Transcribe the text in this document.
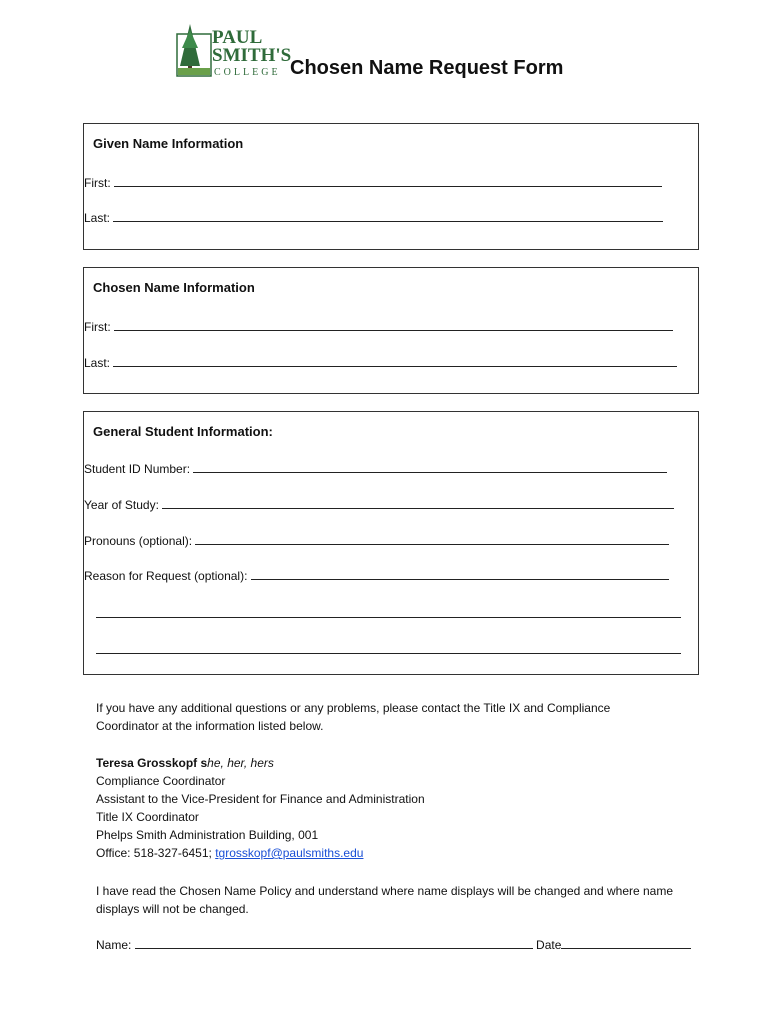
PAUL
SMITH'S
COLLEGE Chosen Name Request Form
Given Name Information
First:
Last:
Chosen Name Information
First:
Last:
General Student Information:
Student ID Number:
Year of Study:
Pronouns (optional):
Reason for Request (optional):
If you have any additional questions or any problems, please contact the Title IX and Compliance Coordinator at the information listed below.
Teresa Grosskopf she, her, hers
Compliance Coordinator
Assistant to the Vice-President for Finance and Administration
Title IX Coordinator
Phelps Smith Administration Building, 001
Office: 518-327-6451; tgrosskopf@paulsmiths.edu
I have read the Chosen Name Policy and understand where name displays will be changed and where name displays will not be changed.
Name:	Date
